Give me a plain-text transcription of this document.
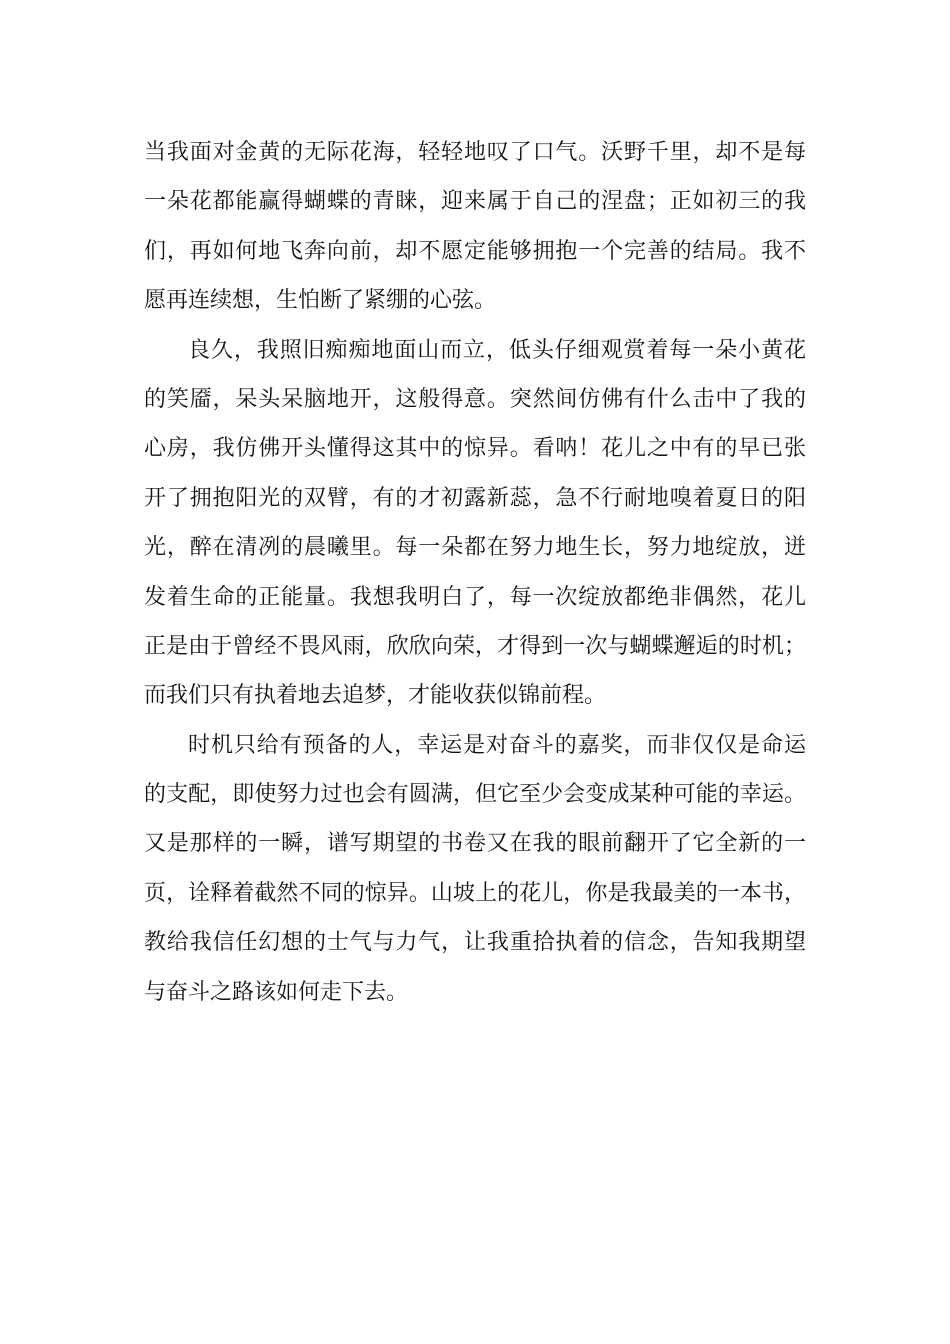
当我面对金黄的无际花海，轻轻地叹了口气。沃野千里，却不是每
一朵花都能赢得蝴蝶的青睐，迎来属于自己的涅盘；正如初三的我
们，再如何地飞奔向前，却不愿定能够拥抱一个完善的结局。我不
愿再连续想，生怕断了紧绷的心弦。
良久，我照旧痴痴地面山而立，低头仔细观赏着每一朵小黄花
的笑靥，呆头呆脑地开，这般得意。突然间仿佛有什么击中了我的
心房，我仿佛开头懂得这其中的惊异。看呐！花儿之中有的早已张
开了拥抱阳光的双臂，有的才初露新蕊，急不行耐地嗅着夏日的阳
光，醉在清冽的晨曦里。每一朵都在努力地生长，努力地绽放，迸
发着生命的正能量。我想我明白了，每一次绽放都绝非偶然，花儿
正是由于曾经不畏风雨，欣欣向荣，才得到一次与蝴蝶邂逅的时机；
而我们只有执着地去追梦，才能收获似锦前程。
时机只给有预备的人，幸运是对奋斗的嘉奖，而非仅仅是命运
的支配，即使努力过也会有圆满，但它至少会变成某种可能的幸运。
又是那样的一瞬，谱写期望的书卷又在我的眼前翻开了它全新的一
页，诠释着截然不同的惊异。山坡上的花儿，你是我最美的一本书，
教给我信任幻想的士气与力气，让我重拾执着的信念，告知我期望
与奋斗之路该如何走下去。
